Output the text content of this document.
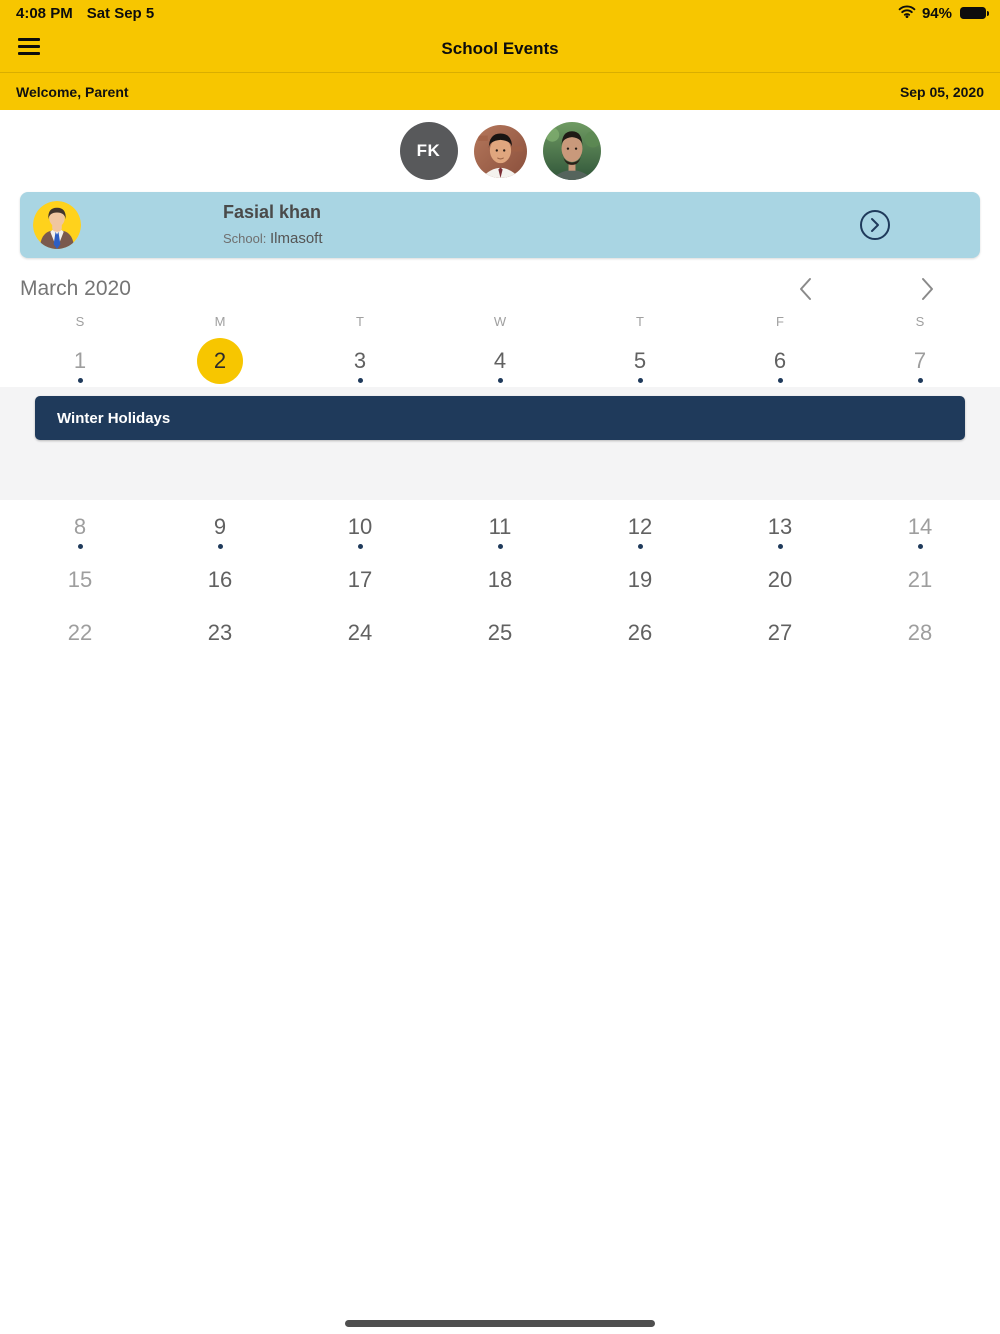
4:08 PM Sat Sep 5	94%
School Events
Welcome, Parent	Sep 05, 2020
FK
Fasial khan
School: Ilmasoft
March 2020
S	M	T	W	T	F	S
1	2	3	4	5	6	7
Winter Holidays
8	9	10	11	12	13	14
15	16	17	18	19	20	21
22	23	24	25	26	27	28
